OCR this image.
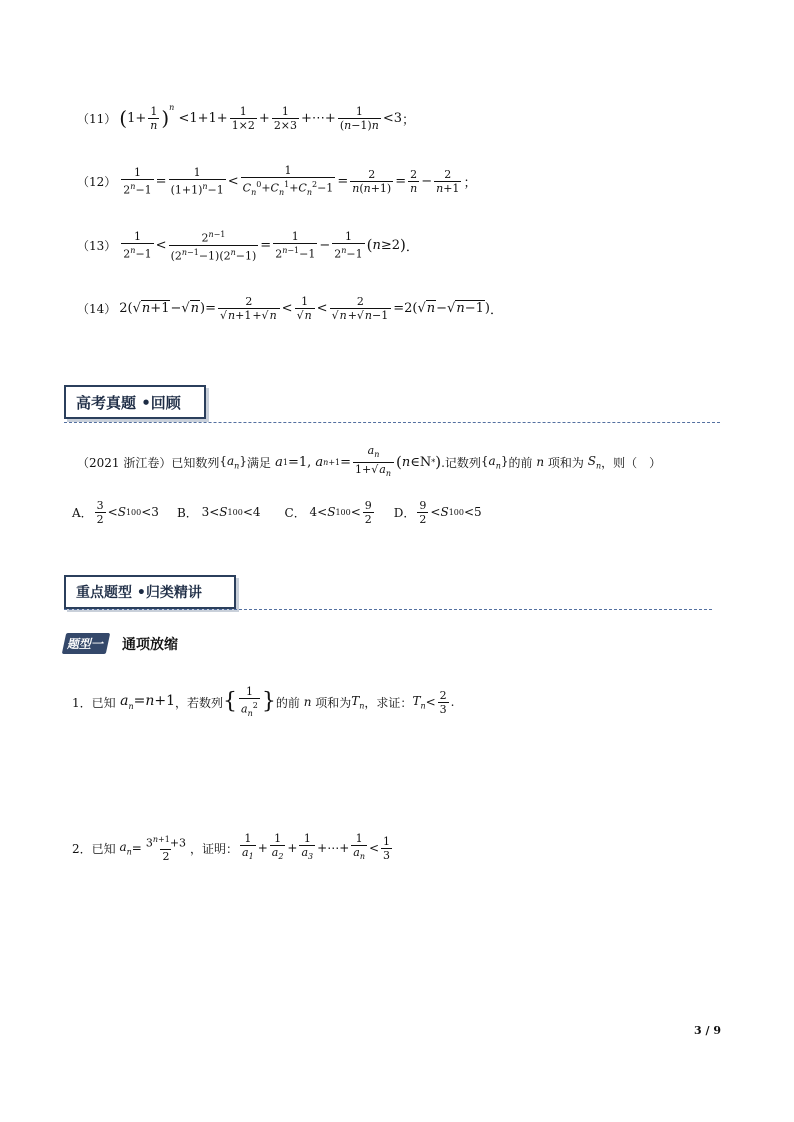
（11） ( $1+ \frac{1}{n} )^n$
$<1+1+ \frac{1}{1\times 2} + \frac{1}{2\times 3}$ +⋯+ $\frac{1}{(n-1)n} <3$ ；
$(12) \frac{1}{2^n-1} = \frac{1}{(1+1)^n-1} < \frac{1}{C_n^0+C_n^1+C_n^2-1} = \frac{2}{n(n+1)} = \frac{2}{n} - \frac{2}{n+1}$ ；
$(13) \frac{1}{2^n-1} < \frac{2^{n-1}}{(2^{n-1}-1)(2^n-1)} = \frac{1}{2^{n-1}-1} - \frac{1}{2^n-1}$ ( n ≥2 ) ．
（14） 2(√ n+1 −√ n )= $\frac{2}{√n+1+√n} < \frac{1}{√n} < \frac{2}{√n+√n-1} =2(√$ n −√ n−1 ) ．
高考真题 •回顾
（2021 浙江卷）已知数列 $\{a_n\}$ 满足
a 1 =1, a $n+1 = \frac{a_n}{1+√a_n}$ ( n ∈N * ) .记数列 $\{a_n\}$ 的前 n 项和为 $S_n$ ，则（　）
A． $\frac{3}{2} < S$ 100 <3 B． 3< S 100 <4 C． 4< S $100 < \frac{9}{2}$ D． $\frac{9}{2} < S$ 100 <5
重点题型 •归类精讲
题型一	通项放缩
1． 已知 $a_n=n+1$ ，若数列 { $\frac{1}{a_n^2}$ } 的前 n 项和为 $T_n$ ，求证： $T_n < \frac{2}{3}$ .
2． 已知
$a_n = \frac{3^{n+1}+3}{2}$ ，证明： $\frac{1}{a_1} + \frac{1}{a_2} + \frac{1}{a_3}$ +⋯+ $\frac{1}{a_n} < \frac{1}{3}$
3 / 9
